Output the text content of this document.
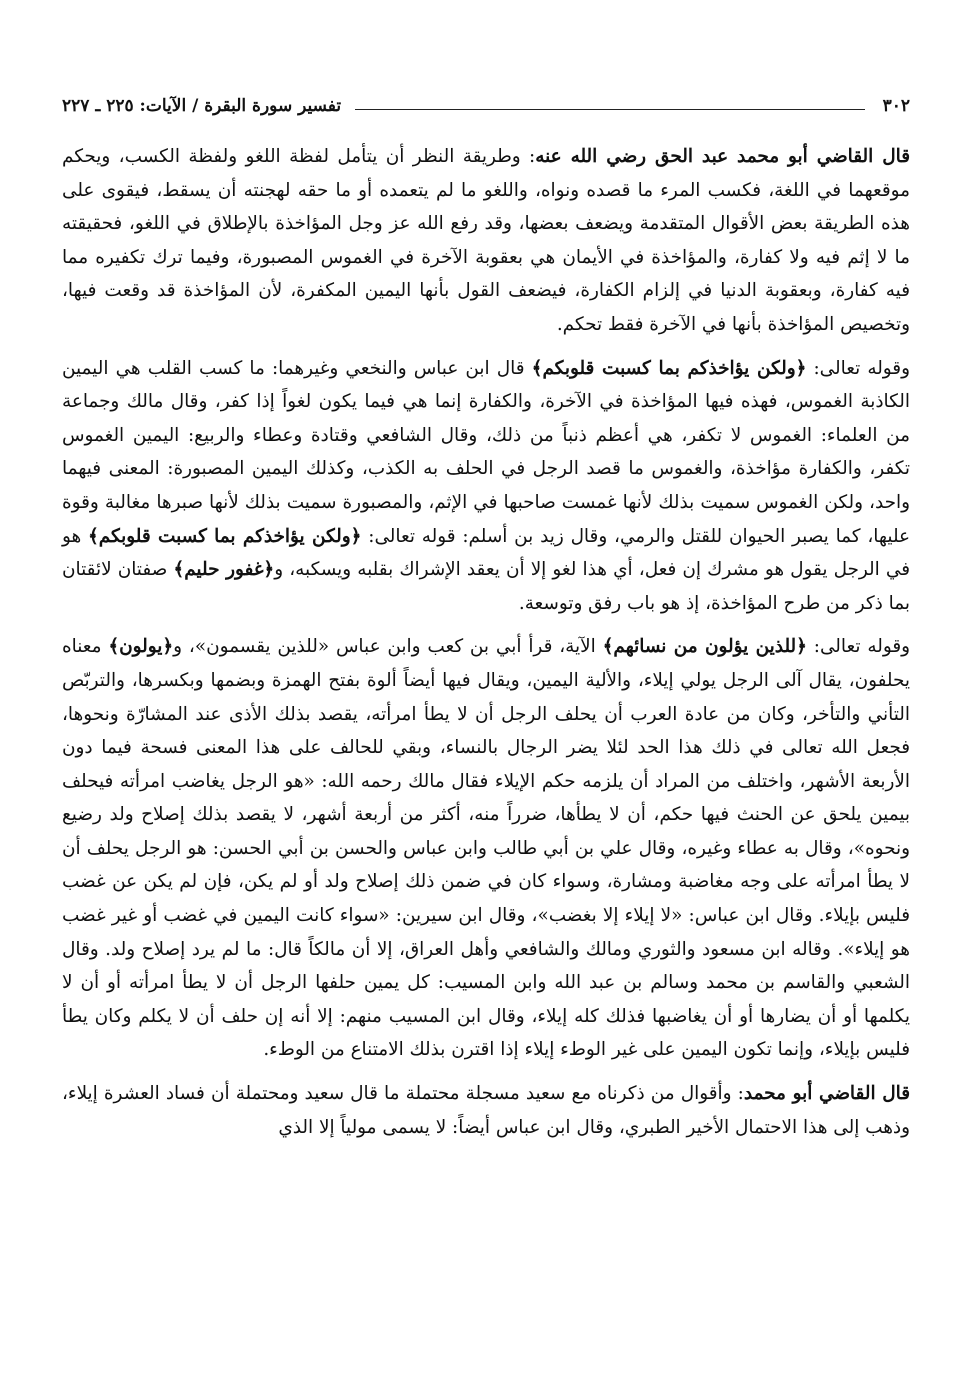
٣٠٢
تفسير سورة البقرة / الآيات: ٢٢٥ ـ ٢٢٧

قال القاضي أبو محمد عبد الحق رضي الله عنه: وطريقة النظر أن يتأمل لفظة اللغو ولفظة الكسب، ويحكم موقعهما في اللغة، فكسب المرء ما قصده ونواه، واللغو ما لم يتعمده أو ما حقه لهجنته أن يسقط، فيقوى على هذه الطريقة بعض الأقوال المتقدمة ويضعف بعضها، وقد رفع الله عز وجل المؤاخذة بالإطلاق في اللغو، فحقيقته ما لا إثم فيه ولا كفارة، والمؤاخذة في الأيمان هي بعقوبة الآخرة في الغموس المصبورة، وفيما ترك تكفيره مما فيه كفارة، وبعقوبة الدنيا في إلزام الكفارة، فيضعف القول بأنها اليمين المكفرة، لأن المؤاخذة قد وقعت فيها، وتخصيص المؤاخذة بأنها في الآخرة فقط تحكم.

وقوله تعالى: ﴿ولكن يؤاخذكم بما كسبت قلوبكم﴾ قال ابن عباس والنخعي وغيرهما: ما كسب القلب هي اليمين الكاذبة الغموس، فهذه فيها المؤاخذة في الآخرة، والكفارة إنما هي فيما يكون لغواً إذا كفر، وقال مالك وجماعة من العلماء: الغموس لا تكفر، هي أعظم ذنباً من ذلك، وقال الشافعي وقتادة وعطاء والربيع: اليمين الغموس تكفر، والكفارة مؤاخذة، والغموس ما قصد الرجل في الحلف به الكذب، وكذلك اليمين المصبورة: المعنى فيهما واحد، ولكن الغموس سميت بذلك لأنها غمست صاحبها في الإثم، والمصبورة سميت بذلك لأنها صبرها مغالبة وقوة عليها، كما يصبر الحيوان للقتل والرمي، وقال زيد بن أسلم: قوله تعالى: ﴿ولكن يؤاخذكم بما كسبت قلوبكم﴾ هو في الرجل يقول هو مشرك إن فعل، أي هذا لغو إلا أن يعقد الإشراك بقلبه ويسكبه، و﴿غفور حليم﴾ صفتان لائقتان بما ذكر من طرح المؤاخذة، إذ هو باب رفق وتوسعة.

وقوله تعالى: ﴿للذين يؤلون من نسائهم﴾ الآية، قرأ أبي بن كعب وابن عباس «للذين يقسمون»، و﴿يولون﴾ معناه يحلفون، يقال آلى الرجل يولي إيلاء، والألية اليمين، ويقال فيها أيضاً ألوة بفتح الهمزة وبضمها وبكسرها، والتربّص التأني والتأخر، وكان من عادة العرب أن يحلف الرجل أن لا يطأ امرأته، يقصد بذلك الأذى عند المشارّة ونحوها، فجعل الله تعالى في ذلك هذا الحد لئلا يضر الرجال بالنساء، وبقي للحالف على هذا المعنى فسحة فيما دون الأربعة الأشهر، واختلف من المراد أن يلزمه حكم الإيلاء فقال مالك رحمه الله: «هو الرجل يغاضب امرأته فيحلف بيمين يلحق عن الحنث فيها حكم، أن لا يطأها، ضرراً منه، أكثر من أربعة أشهر، لا يقصد بذلك إصلاح ولد رضيع ونحوه»، وقال به عطاء وغيره، وقال علي بن أبي طالب وابن عباس والحسن بن أبي الحسن: هو الرجل يحلف أن لا يطأ امرأته على وجه مغاضبة ومشارة، وسواء كان في ضمن ذلك إصلاح ولد أو لم يكن، فإن لم يكن عن غضب فليس بإيلاء. وقال ابن عباس: «لا إيلاء إلا بغضب»، وقال ابن سيرين: «سواء كانت اليمين في غضب أو غير غضب هو إيلاء». وقاله ابن مسعود والثوري ومالك والشافعي وأهل العراق، إلا أن مالكاً قال: ما لم يرد إصلاح ولد. وقال الشعبي والقاسم بن محمد وسالم بن عبد الله وابن المسيب: كل يمين حلفها الرجل أن لا يطأ امرأته أو أن لا يكلمها أو أن يضارها أو أن يغاضبها فذلك كله إيلاء، وقال ابن المسيب منهم: إلا أنه إن حلف أن لا يكلم وكان يطأ فليس بإيلاء، وإنما تكون اليمين على غير الوطء إيلاء إذا اقترن بذلك الامتناع من الوطء.

قال القاضي أبو محمد: وأقوال من ذكرناه مع سعيد مسجلة محتملة ما قال سعيد ومحتملة أن فساد العشرة إيلاء، وذهب إلى هذا الاحتمال الأخير الطبري، وقال ابن عباس أيضاً: لا يسمى مولياً إلا الذي
